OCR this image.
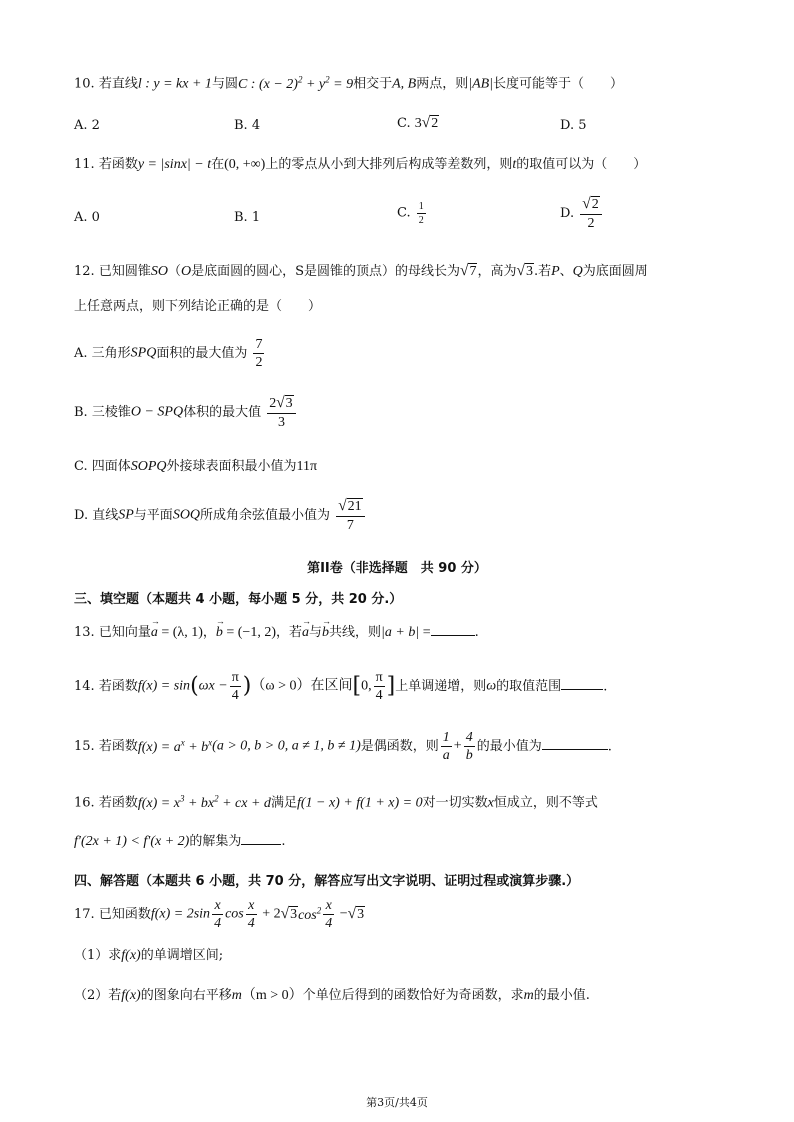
10. 若直线l : y = kx + 1与圆C : $(x - 2)^2 + y^2 = 9$相交于A, B两点，则|AB|长度可能等于（　　）
A. 2	B. 4	C. 3√2	D. 5
11. 若函数y = |sinx| − t在(0, +∞)上的零点从小到大排列后构成等差数列，则t的取值可以为（　　）
A. 0	B. 1	C. $\frac{1}{2}$	D. $\frac{√2}{2}$
12. 已知圆锥SO（O是底面圆的圆心，S是圆锥的顶点）的母线长为√7，高为√3.若P、Q为底面圆周
上任意两点，则下列结论正确的是（　　）
A. 三角形SPQ面积的最大值为 $\frac{7}{2}$
B. 三棱锥O − SPQ体积的最大值 $\frac{2√3}{3}$
C. 四面体SOPQ外接球表面积最小值为11π
D. 直线SP与平面SOQ所成角余弦值最小值为 $\frac{√21}{7}$
第II卷（非选择题　共 90 分）
三、填空题（本题共 4 小题，每小题 5 分，共 20 分.）
13. 已知向量→ a = (λ, 1)，→ b = (−1, 2)，若→ a与→ b共线，则|a + b| =	.
14. 若函数$f(x) = \sin(\omega x - \frac{\pi}{4} )(\omega > 0)$在区间[0, $\frac{\pi}{4}$ ]上单调递增，则ω的取值范围	.
15. 若函数$f(x) = a^x + b^x(a > 0$, b > 0, a ≠ 1, b ≠ 1)是偶函数，则 $\frac{1}{a} + \frac{4}{b}$ 的最小值为	.
16. 若函数$f(x) = x^3 + bx^2$ + cx + d满足f(1 − x) + f(1 + x) = 0对一切实数x恒成立，则不等式
f′(2x + 1) < f′(x + 2)的解集为	.
四、解答题（本题共 6 小题，共 70 分，解答应写出文字说明、证明过程或演算步骤.）
17. 已知函数$f(x) = 2\sin \frac{x}{4}$ $\cos \frac{x}{4} + 2√3\cos^2 \frac{x}{4} -√3$
（1）求f(x)的单调增区间;
（2）若f(x)的图象向右平移m（m > 0）个单位后得到的函数恰好为奇函数，求m的最小值.
第3页/共4页
